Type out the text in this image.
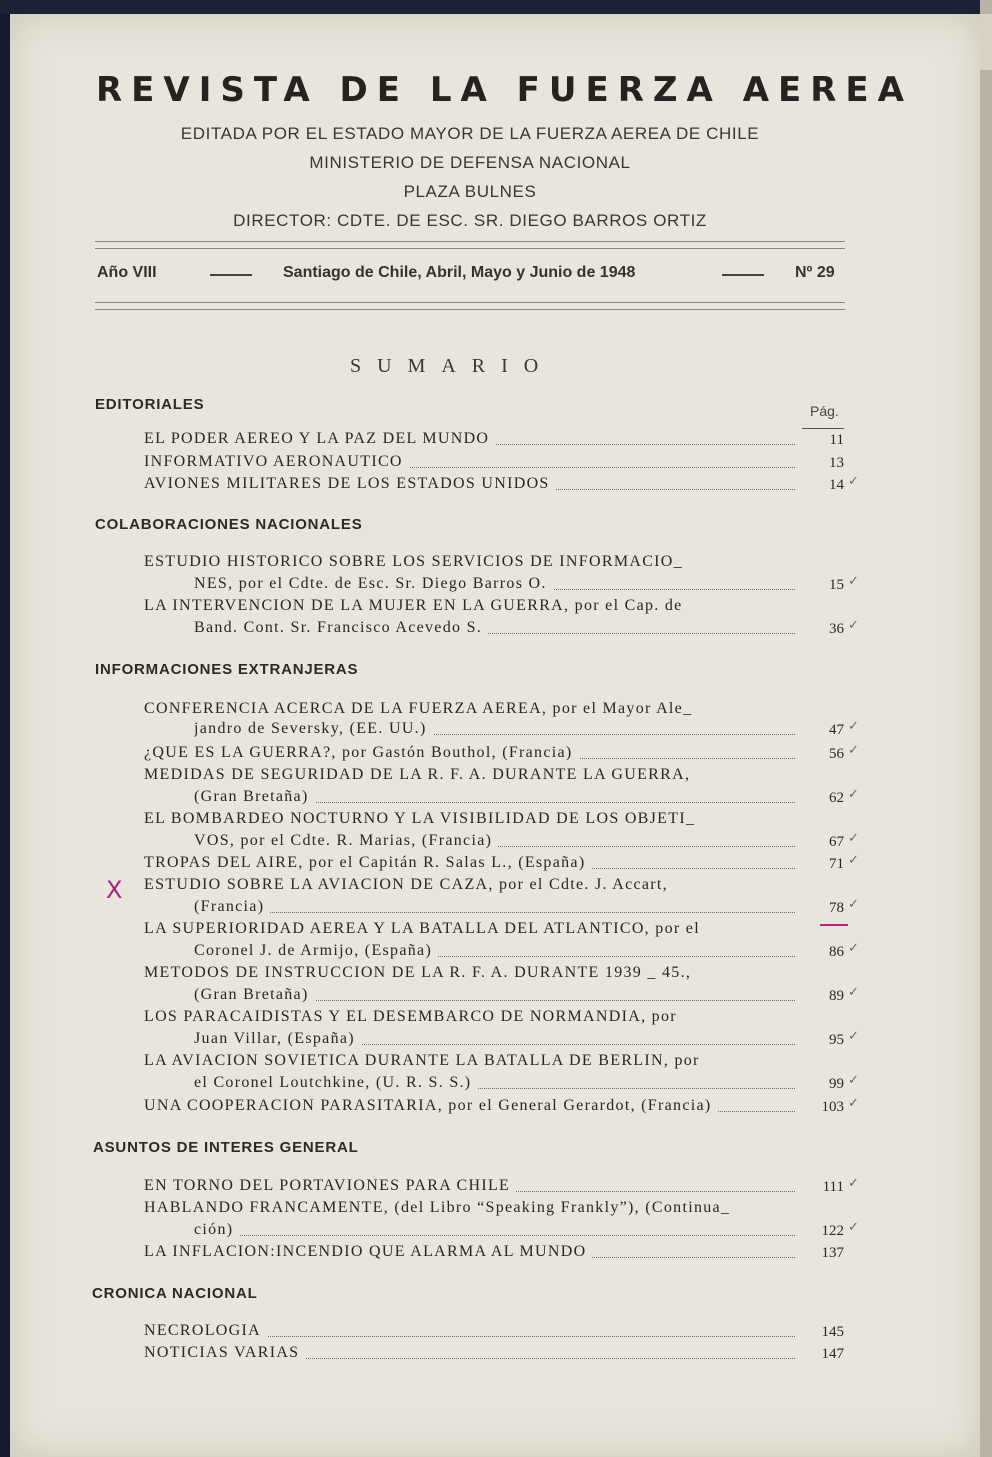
REVISTA DE LA FUERZA AEREA
EDITADA POR EL ESTADO MAYOR DE LA FUERZA AEREA DE CHILE
MINISTERIO DE DEFENSA NACIONAL
PLAZA BULNES
DIRECTOR: CDTE. DE ESC. SR. DIEGO BARROS ORTIZ
Año VIII	Santiago de Chile, Abril, Mayo y Junio de 1948	Nº 29
SUMARIO
Pág.
EDITORIALES
EL PODER AEREO Y LA PAZ DEL MUNDO	11
INFORMATIVO AERONAUTICO	13
AVIONES MILITARES DE LOS ESTADOS UNIDOS	14 ✓
COLABORACIONES NACIONALES
ESTUDIO HISTORICO SOBRE LOS SERVICIOS DE INFORMACIO_
NES, por el Cdte. de Esc. Sr. Diego Barros O.	15 ✓
LA INTERVENCION DE LA MUJER EN LA GUERRA, por el Cap. de
Band. Cont. Sr. Francisco Acevedo S.	36 ✓
INFORMACIONES EXTRANJERAS
CONFERENCIA ACERCA DE LA FUERZA AEREA, por el Mayor Ale_
jandro de Seversky, (EE. UU.)	47 ✓
¿QUE ES LA GUERRA?, por Gastón Bouthol, (Francia)	56 ✓
MEDIDAS DE SEGURIDAD DE LA R. F. A. DURANTE LA GUERRA,
(Gran Bretaña)	62 ✓
EL BOMBARDEO NOCTURNO Y LA VISIBILIDAD DE LOS OBJETI_
VOS, por el Cdte. R. Marias, (Francia)	67 ✓
TROPAS DEL AIRE, por el Capitán R. Salas L., (España)	71 ✓
ESTUDIO SOBRE LA AVIACION DE CAZA, por el Cdte. J. Accart,
(Francia)	78 ✓
LA SUPERIORIDAD AEREA Y LA BATALLA DEL ATLANTICO, por el
Coronel J. de Armijo, (España)	86 ✓
METODOS DE INSTRUCCION DE LA R. F. A. DURANTE 1939 _ 45.,
(Gran Bretaña)	89 ✓
LOS PARACAIDISTAS Y EL DESEMBARCO DE NORMANDIA, por
Juan Villar, (España)	95 ✓
LA AVIACION SOVIETICA DURANTE LA BATALLA DE BERLIN, por
el Coronel Loutchkine, (U. R. S. S.)	99 ✓
UNA COOPERACION PARASITARIA, por el General Gerardot, (Francia)	103 ✓
ASUNTOS DE INTERES GENERAL
EN TORNO DEL PORTAVIONES PARA CHILE	111 ✓
HABLANDO FRANCAMENTE, (del Libro “Speaking Frankly”), (Continua_
ción)	122 ✓
LA INFLACION:INCENDIO QUE ALARMA AL MUNDO	137
CRONICA NACIONAL
NECROLOGIA	145
NOTICIAS VARIAS	147
X
